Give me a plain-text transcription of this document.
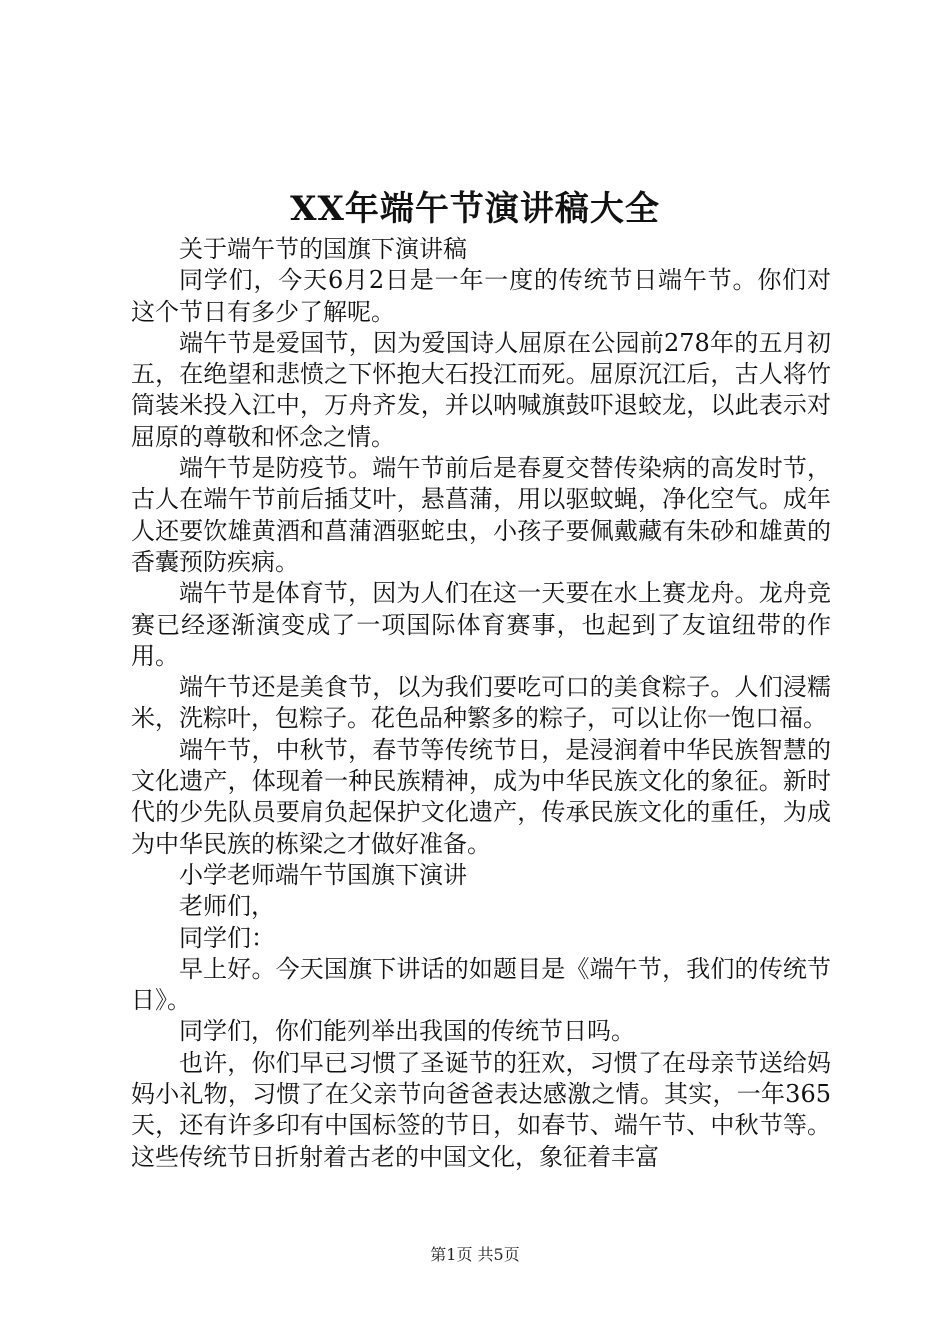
XX年端午节演讲稿大全

关于端午节的国旗下演讲稿

同学们，今天6月2日是一年一度的传统节日端午节。你们对这个节日有多少了解呢。

端午节是爱国节，因为爱国诗人屈原在公园前278年的五月初五，在绝望和悲愤之下怀抱大石投江而死。屈原沉江后，古人将竹筒装米投入江中，万舟齐发，并以呐喊旗鼓吓退蛟龙，以此表示对屈原的尊敬和怀念之情。

端午节是防疫节。端午节前后是春夏交替传染病的高发时节，古人在端午节前后插艾叶，悬菖蒲，用以驱蚊蝇，净化空气。成年人还要饮雄黄酒和菖蒲酒驱蛇虫，小孩子要佩戴藏有朱砂和雄黄的香囊预防疾病。

端午节是体育节，因为人们在这一天要在水上赛龙舟。龙舟竞赛已经逐渐演变成了一项国际体育赛事，也起到了友谊纽带的作用。

端午节还是美食节，以为我们要吃可口的美食粽子。人们浸糯米，洗粽叶，包粽子。花色品种繁多的粽子，可以让你一饱口福。

端午节，中秋节，春节等传统节日，是浸润着中华民族智慧的文化遗产，体现着一种民族精神，成为中华民族文化的象征。新时代的少先队员要肩负起保护文化遗产，传承民族文化的重任，为成为中华民族的栋梁之才做好准备。

小学老师端午节国旗下演讲

老师们，

同学们：

早上好。今天国旗下讲话的如题目是《端午节，我们的传统节日》。

同学们，你们能列举出我国的传统节日吗。

也许，你们早已习惯了圣诞节的狂欢，习惯了在母亲节送给妈妈小礼物，习惯了在父亲节向爸爸表达感激之情。其实，一年365天，还有许多印有中国标签的节日，如春节、端午节、中秋节等。这些传统节日折射着古老的中国文化，象征着丰富

第1页 共5页
